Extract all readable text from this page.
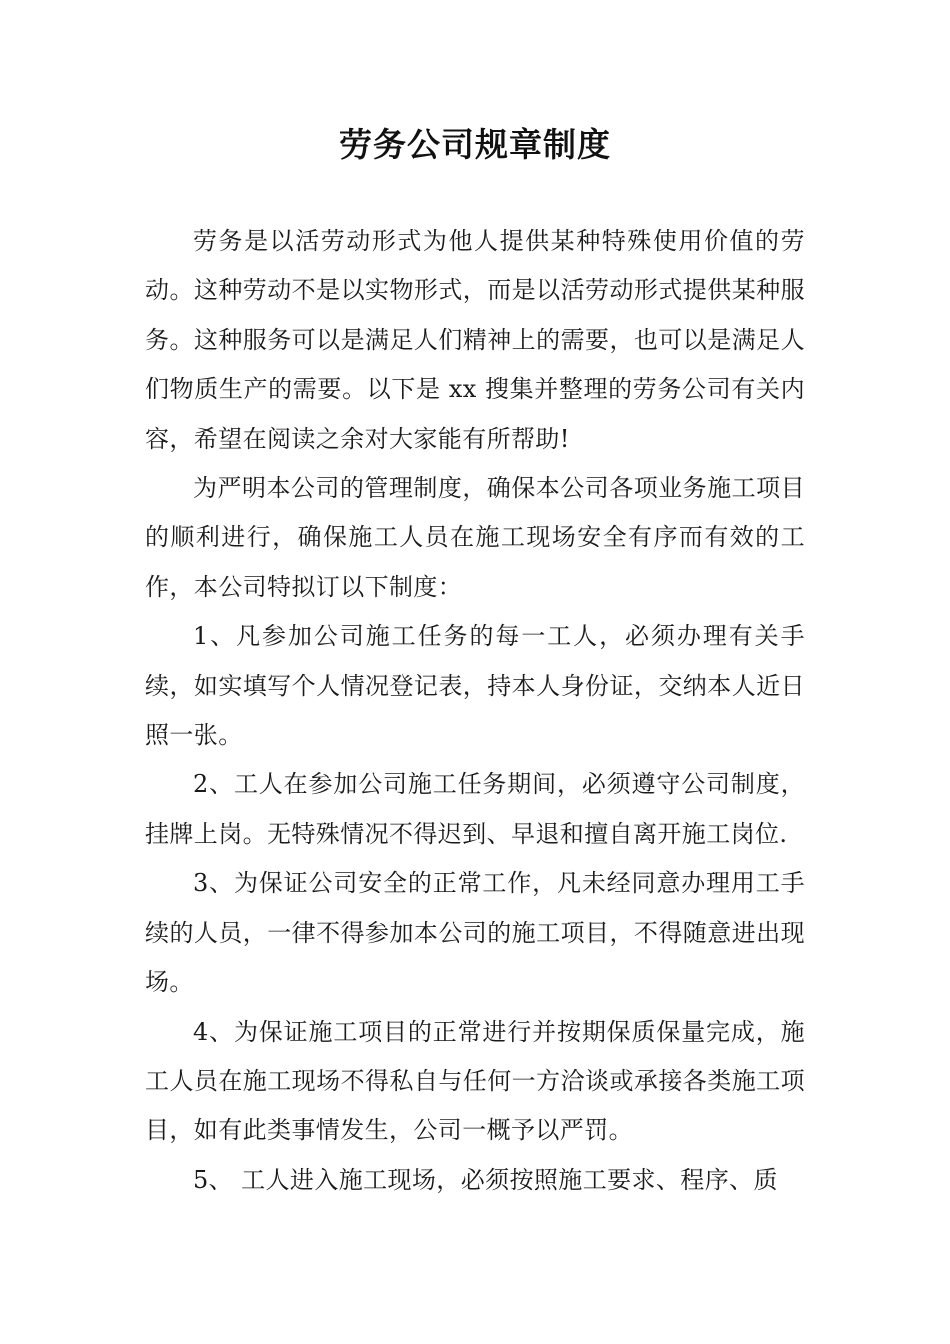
劳务公司规章制度

劳务是以活劳动形式为他人提供某种特殊使用价值的劳动。这种劳动不是以实物形式，而是以活劳动形式提供某种服务。这种服务可以是满足人们精神上的需要，也可以是满足人们物质生产的需要。以下是 xx 搜集并整理的劳务公司有关内容，希望在阅读之余对大家能有所帮助!

为严明本公司的管理制度，确保本公司各项业务施工项目的顺利进行，确保施工人员在施工现场安全有序而有效的工作，本公司特拟订以下制度：

1、凡参加公司施工任务的每一工人，必须办理有关手续，如实填写个人情况登记表，持本人身份证，交纳本人近日照一张。

2、工人在参加公司施工任务期间，必须遵守公司制度，挂牌上岗。无特殊情况不得迟到、早退和擅自离开施工岗位.

3、为保证公司安全的正常工作，凡未经同意办理用工手续的人员，一律不得参加本公司的施工项目，不得随意进出现场。

4、为保证施工项目的正常进行并按期保质保量完成，施工人员在施工现场不得私自与任何一方洽谈或承接各类施工项目，如有此类事情发生，公司一概予以严罚。

5、 工人进入施工现场，必须按照施工要求、程序、质
